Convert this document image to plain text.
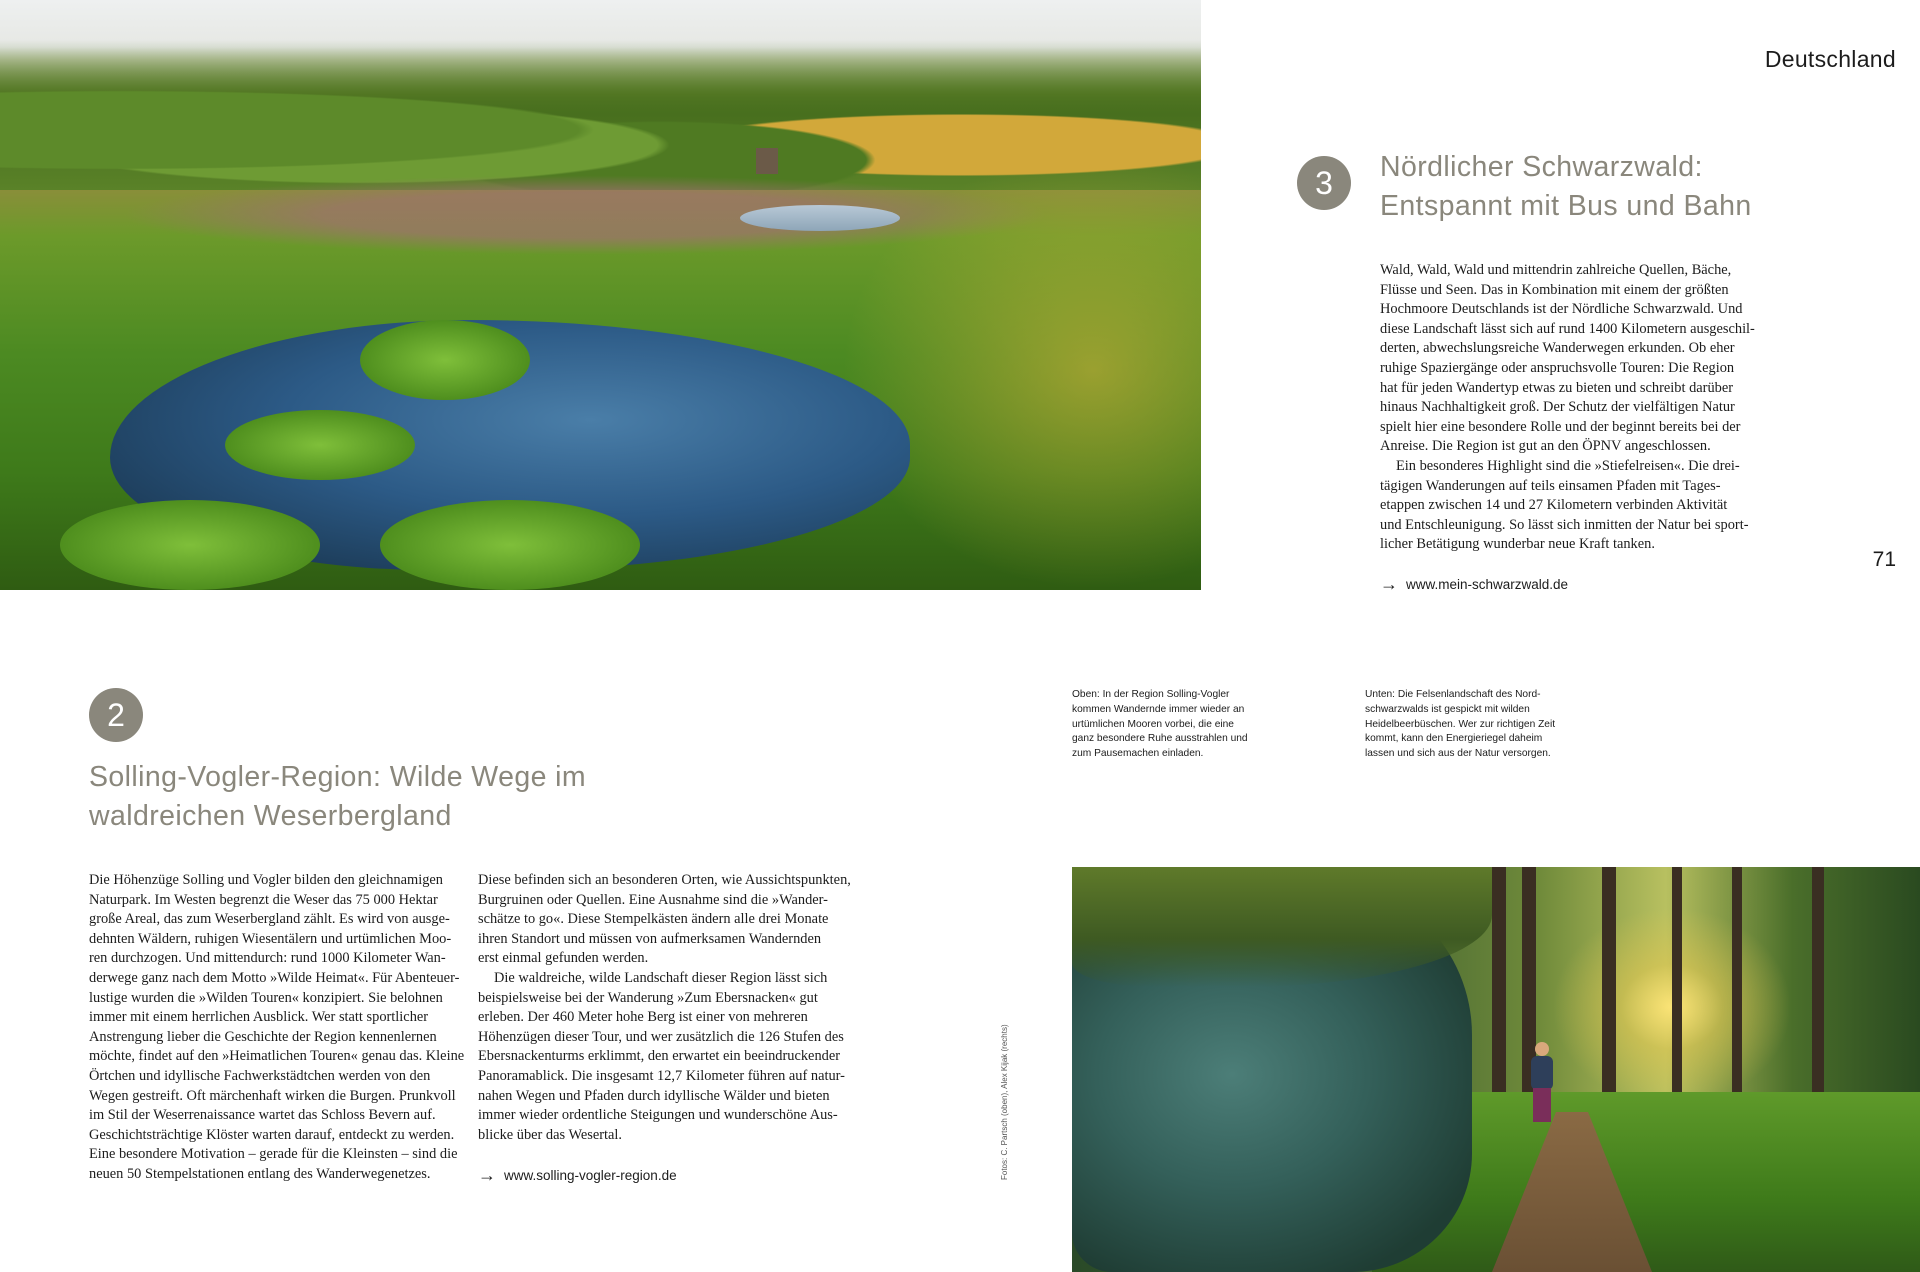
Deutschland
71
3	Nördlicher Schwarzwald:
Entspannt mit Bus und Bahn
Wald, Wald, Wald und mittendrin zahlreiche Quellen, Bäche,
Flüsse und Seen. Das in Kombination mit einem der größten
Hochmoore Deutschlands ist der Nördliche Schwarzwald. Und
diese Landschaft lässt sich auf rund 1400 Kilometern ausgeschil-
derten, abwechslungsreiche Wanderwegen erkunden. Ob eher
ruhige Spaziergänge oder anspruchsvolle Touren: Die Region
hat für jeden Wandertyp etwas zu bieten und schreibt darüber
hinaus Nachhaltigkeit groß. Der Schutz der vielfältigen Natur
spielt hier eine besondere Rolle und der beginnt bereits bei der
Anreise. Die Region ist gut an den ÖPNV angeschlossen.
Ein besonderes Highlight sind die »Stiefelreisen«. Die drei-
tägigen Wanderungen auf teils einsamen Pfaden mit Tages-
etappen zwischen 14 und 27 Kilometern verbinden Aktivität
und Entschleunigung. So lässt sich inmitten der Natur bei sport-
licher Betätigung wunderbar neue Kraft tanken.
→ www.mein-schwarzwald.de
Oben: In der Region Solling-Vogler
kommen Wandernde immer wieder an
urtümlichen Mooren vorbei, die eine
ganz besondere Ruhe ausstrahlen und
zum Pausemachen einladen.
Unten: Die Felsenlandschaft des Nord-
schwarzwalds ist gespickt mit wilden
Heidelbeerbüschen. Wer zur richtigen Zeit
kommt, kann den Energieriegel daheim
lassen und sich aus der Natur versorgen.
2
Solling-Vogler-Region: Wilde Wege im
waldreichen Weserbergland
Die Höhenzüge Solling und Vogler bilden den gleichnamigen
Naturpark. Im Westen begrenzt die Weser das 75 000 Hektar
große Areal, das zum Weserbergland zählt. Es wird von ausge-
dehnten Wäldern, ruhigen Wiesentälern und urtümlichen Moo-
ren durchzogen. Und mittendurch: rund 1000 Kilometer Wan-
derwege ganz nach dem Motto »Wilde Heimat«. Für Abenteuer-
lustige wurden die »Wilden Touren« konzipiert. Sie belohnen
immer mit einem herrlichen Ausblick. Wer statt sportlicher
Anstrengung lieber die Geschichte der Region kennenlernen
möchte, findet auf den »Heimatlichen Touren« genau das. Kleine
Örtchen und idyllische Fachwerkstädtchen werden von den
Wegen gestreift. Oft märchenhaft wirken die Burgen. Prunkvoll
im Stil der Weserrenaissance wartet das Schloss Bevern auf.
Geschichtsträchtige Klöster warten darauf, entdeckt zu werden.
Eine besondere Motivation – gerade für die Kleinsten – sind die
neuen 50 Stempelstationen entlang des Wanderwegenetzes.
Diese befinden sich an besonderen Orten, wie Aussichtspunkten,
Burgruinen oder Quellen. Eine Ausnahme sind die »Wander-
schätze to go«. Diese Stempelkästen ändern alle drei Monate
ihren Standort und müssen von aufmerksamen Wandernden
erst einmal gefunden werden.
Die waldreiche, wilde Landschaft dieser Region lässt sich
beispielsweise bei der Wanderung »Zum Ebersnacken« gut
erleben. Der 460 Meter hohe Berg ist einer von mehreren
Höhenzügen dieser Tour, und wer zusätzlich die 126 Stufen des
Ebersnackenturms erklimmt, den erwartet ein beeindruckender
Panoramablick. Die insgesamt 12,7 Kilometer führen auf natur-
nahen Wegen und Pfaden durch idyllische Wälder und bieten
immer wieder ordentliche Steigungen und wunderschöne Aus-
blicke über das Wesertal.
→ www.solling-vogler-region.de	Fotos: C. Partsch (oben), Alex Kijak (rechts)
